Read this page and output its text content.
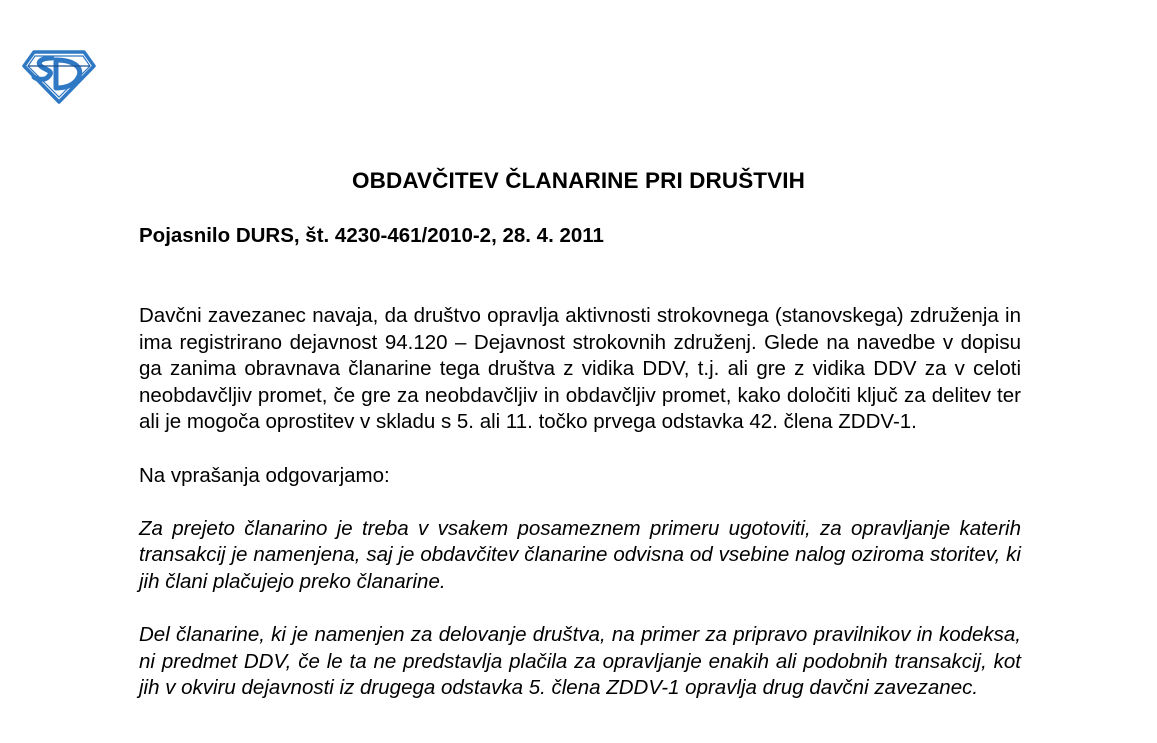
OBDAVČITEV ČLANARINE PRI DRUŠTVIH
Pojasnilo DURS, št. 4230-461/2010-2, 28. 4. 2011

Davčni zavezanec navaja, da društvo opravlja aktivnosti strokovnega (stanovskega) združenja in ima registrirano dejavnost 94.120 – Dejavnost strokovnih združenj. Glede na navedbe v dopisu ga zanima obravnava članarine tega društva z vidika DDV, t.j. ali gre z vidika DDV za v celoti neobdavčljiv promet, če gre za neobdavčljiv in obdavčljiv promet, kako določiti ključ za delitev ter ali je mogoča oprostitev v skladu s 5. ali 11. točko prvega odstavka 42. člena ZDDV-1.

Na vprašanja odgovarjamo:

Za prejeto članarino je treba v vsakem posameznem primeru ugotoviti, za opravljanje katerih transakcij je namenjena, saj je obdavčitev članarine odvisna od vsebine nalog oziroma storitev, ki jih člani plačujejo preko članarine.

Del članarine, ki je namenjen za delovanje društva, na primer za pripravo pravilnikov in kodeksa, ni predmet DDV, če le ta ne predstavlja plačila za opravljanje enakih ali podobnih transakcij, kot jih v okviru dejavnosti iz drugega odstavka 5. člena ZDDV-1 opravlja drug davčni zavezanec.
